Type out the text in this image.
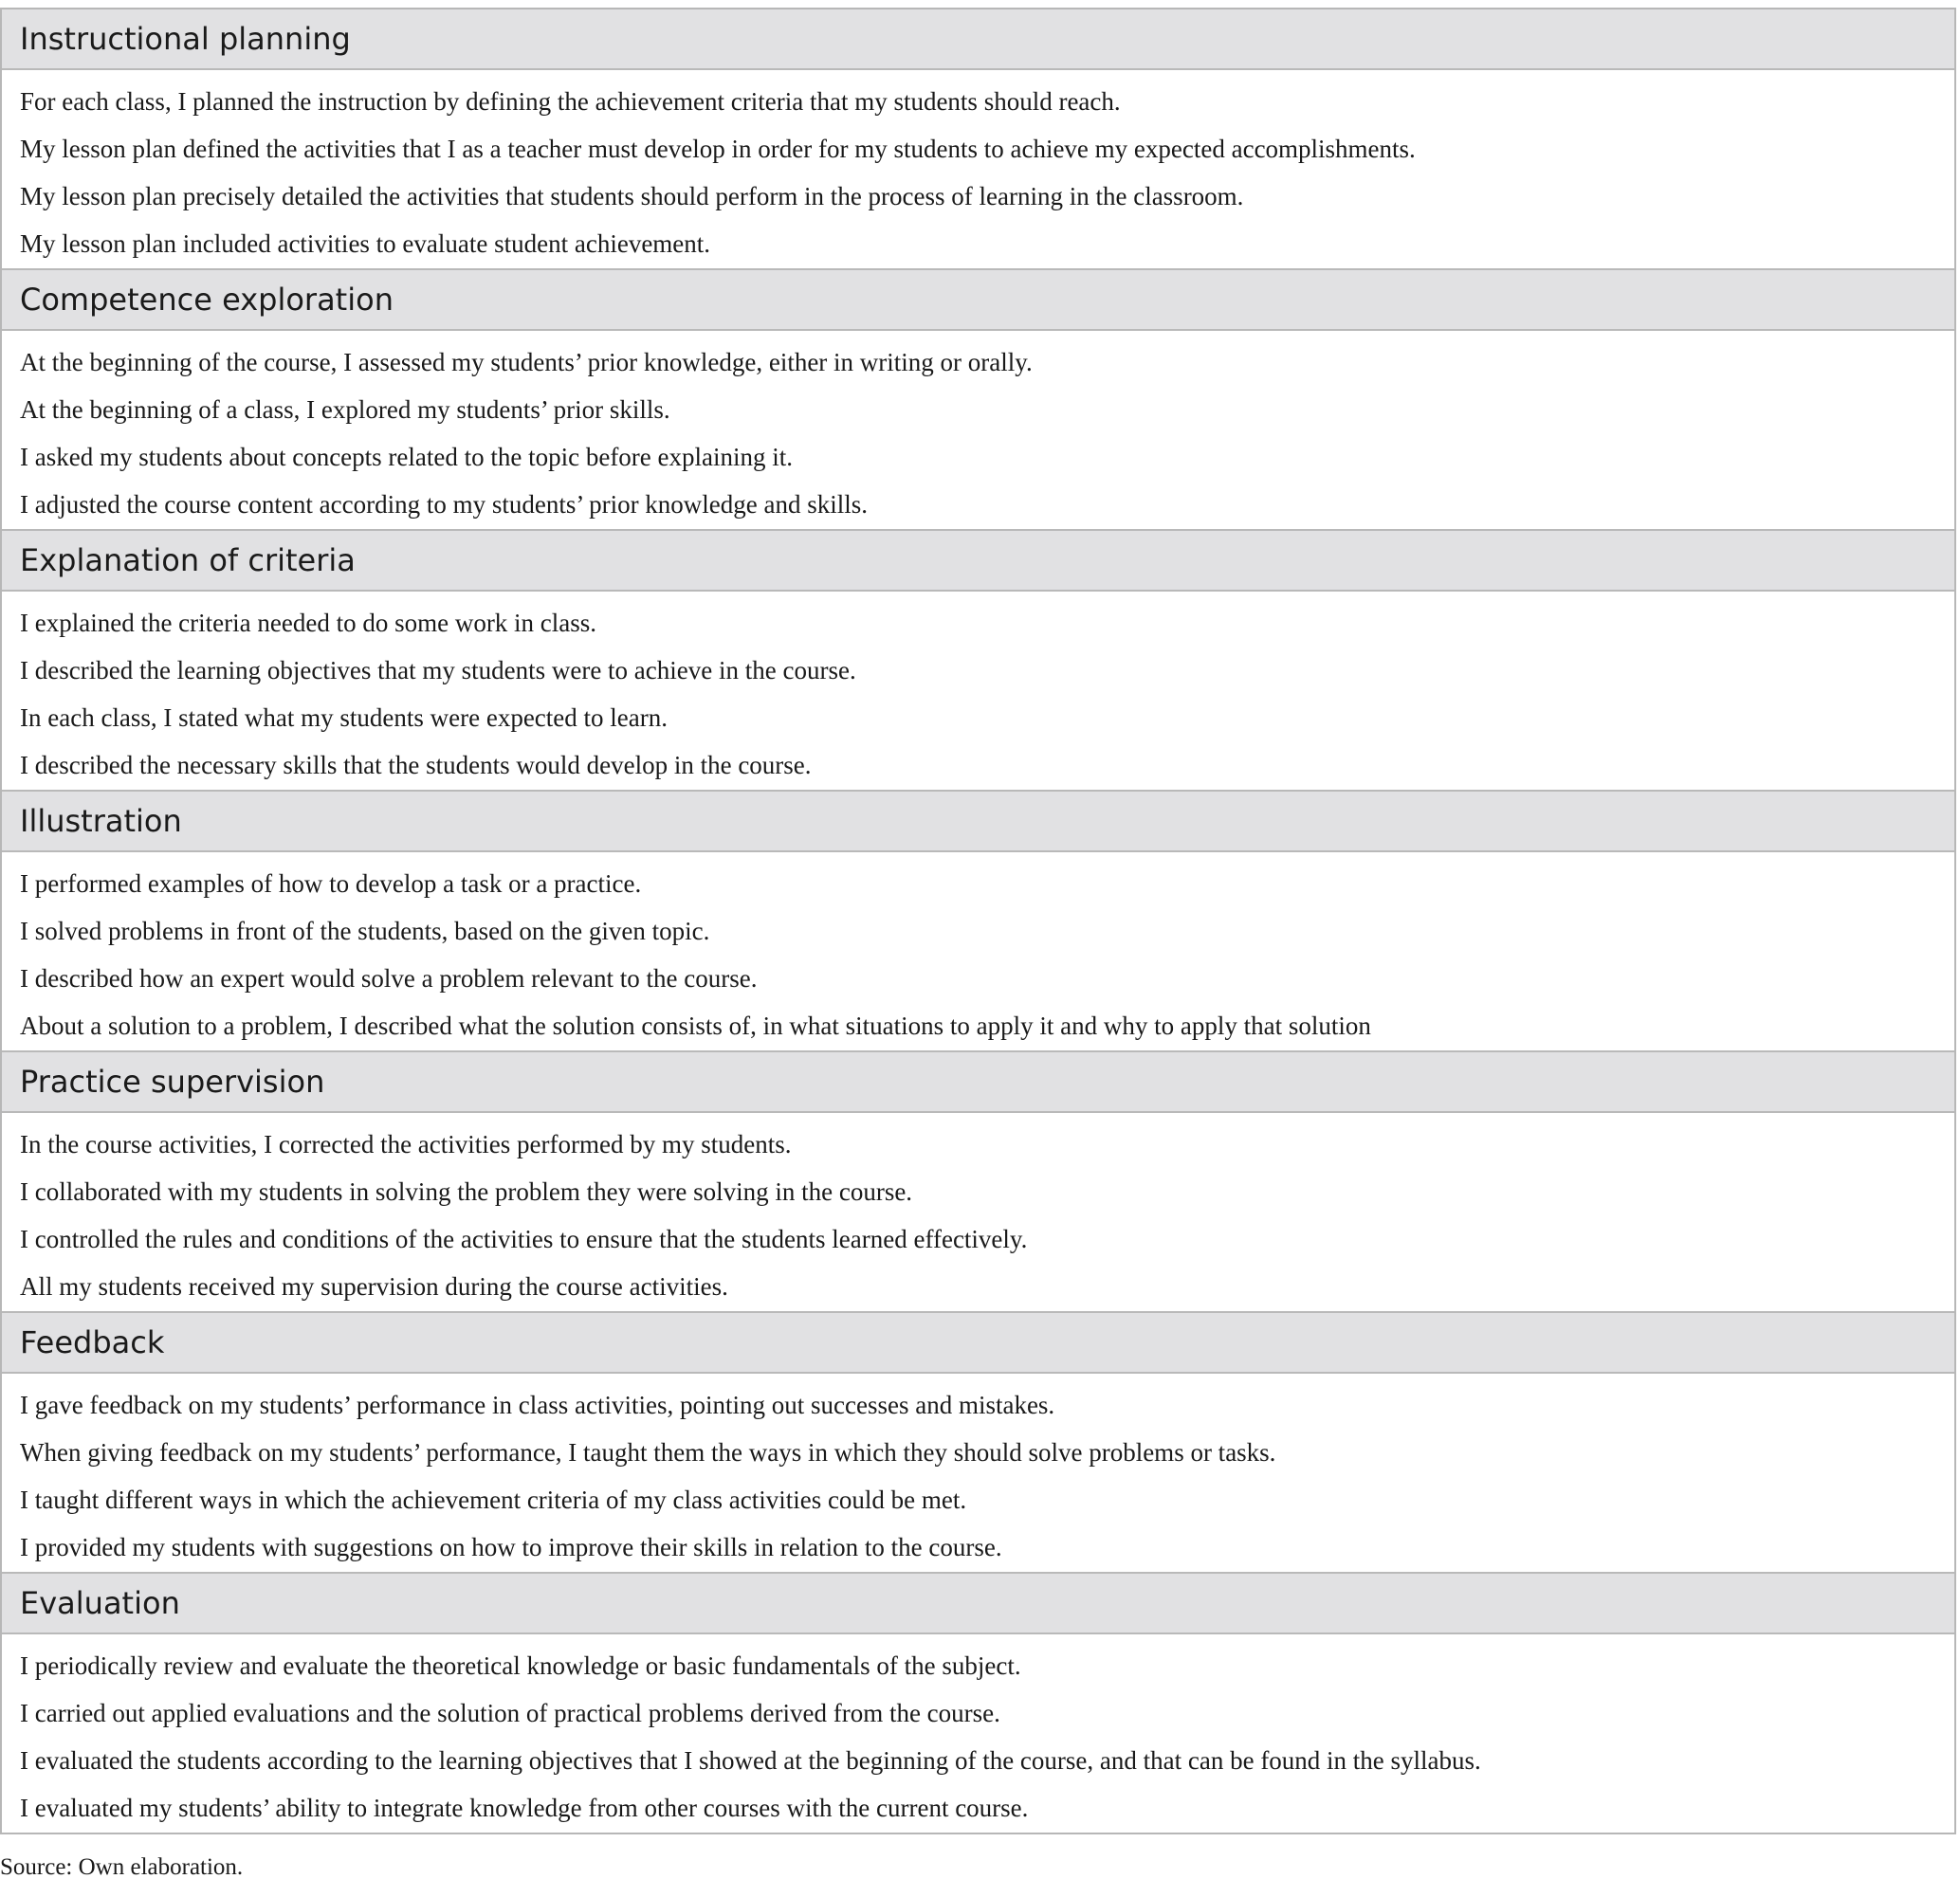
Instructional planning
For each class, I planned the instruction by defining the achievement criteria that my students should reach.
My lesson plan defined the activities that I as a teacher must develop in order for my students to achieve my expected accomplishments.
My lesson plan precisely detailed the activities that students should perform in the process of learning in the classroom.
My lesson plan included activities to evaluate student achievement.
Competence exploration
At the beginning of the course, I assessed my students’ prior knowledge, either in writing or orally.
At the beginning of a class, I explored my students’ prior skills.
I asked my students about concepts related to the topic before explaining it.
I adjusted the course content according to my students’ prior knowledge and skills.
Explanation of criteria
I explained the criteria needed to do some work in class.
I described the learning objectives that my students were to achieve in the course.
In each class, I stated what my students were expected to learn.
I described the necessary skills that the students would develop in the course.
Illustration
I performed examples of how to develop a task or a practice.
I solved problems in front of the students, based on the given topic.
I described how an expert would solve a problem relevant to the course.
About a solution to a problem, I described what the solution consists of, in what situations to apply it and why to apply that solution
Practice supervision
In the course activities, I corrected the activities performed by my students.
I collaborated with my students in solving the problem they were solving in the course.
I controlled the rules and conditions of the activities to ensure that the students learned effectively.
All my students received my supervision during the course activities.
Feedback
I gave feedback on my students’ performance in class activities, pointing out successes and mistakes.
When giving feedback on my students’ performance, I taught them the ways in which they should solve problems or tasks.
I taught different ways in which the achievement criteria of my class activities could be met.
I provided my students with suggestions on how to improve their skills in relation to the course.
Evaluation
I periodically review and evaluate the theoretical knowledge or basic fundamentals of the subject.
I carried out applied evaluations and the solution of practical problems derived from the course.
I evaluated the students according to the learning objectives that I showed at the beginning of the course, and that can be found in the syllabus.
I evaluated my students’ ability to integrate knowledge from other courses with the current course.
Source: Own elaboration.
